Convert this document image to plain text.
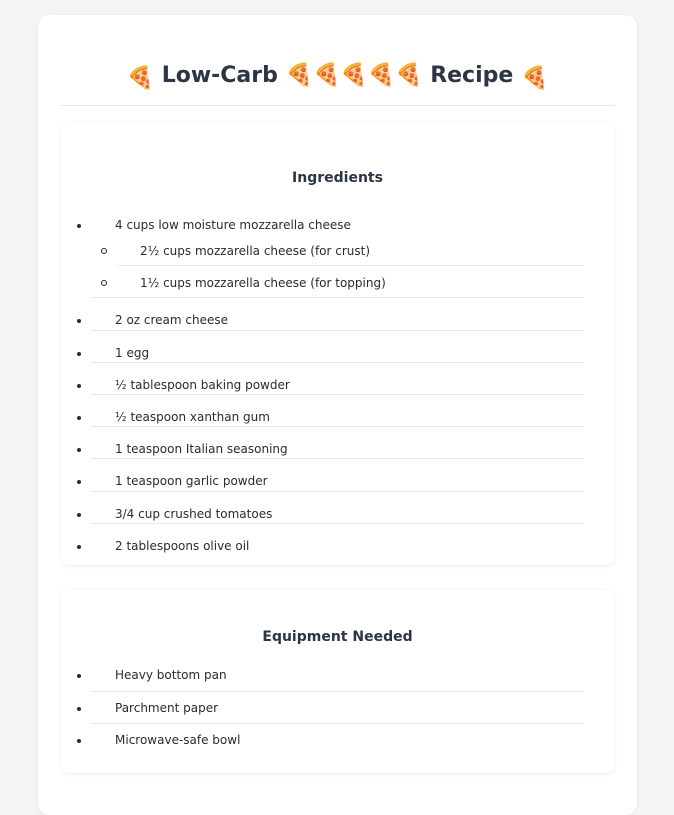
🍕 Low-Carb 🍕🍕🍕🍕🍕 Recipe 🍕
Ingredients
4 cups low moisture mozzarella cheese
2½ cups mozzarella cheese (for crust)
1½ cups mozzarella cheese (for topping)
2 oz cream cheese
1 egg
½ tablespoon baking powder
½ teaspoon xanthan gum
1 teaspoon Italian seasoning
1 teaspoon garlic powder
3/4 cup crushed tomatoes
2 tablespoons olive oil
Equipment Needed
Heavy bottom pan
Parchment paper
Microwave-safe bowl
